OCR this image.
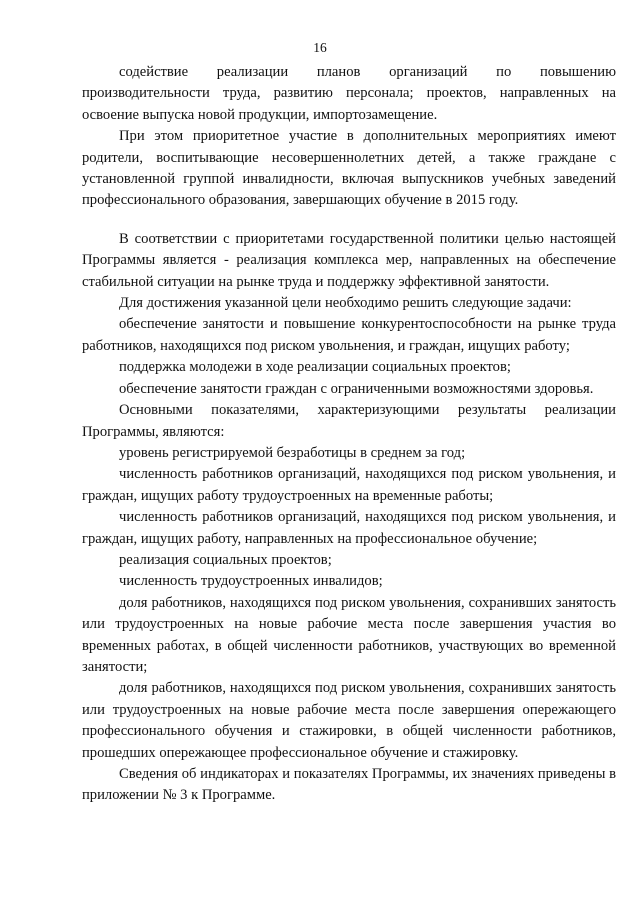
16

содействие реализации планов организаций по повышению производительности труда, развитию персонала; проектов, направленных на освоение выпуска новой продукции, импортозамещение.

При этом приоритетное участие в дополнительных мероприятиях имеют родители, воспитывающие несовершеннолетних детей, а также граждане с установленной группой инвалидности, включая выпускников учебных заведений профессионального образования, завершающих обучение в 2015 году.

В соответствии с приоритетами государственной политики целью настоящей Программы является - реализация комплекса мер, направленных на обеспечение стабильной ситуации на рынке труда и поддержку эффективной занятости.

Для достижения указанной цели необходимо решить следующие задачи:

обеспечение занятости и повышение конкурентоспособности на рынке труда работников, находящихся под риском увольнения, и граждан, ищущих работу;

поддержка молодежи в ходе реализации социальных проектов;

обеспечение занятости граждан с ограниченными возможностями здоровья.

Основными показателями, характеризующими результаты реализации Программы, являются:

уровень регистрируемой безработицы в среднем за год;

численность работников организаций, находящихся под риском увольнения, и граждан, ищущих работу трудоустроенных на временные работы;

численность работников организаций, находящихся под риском увольнения, и граждан, ищущих работу, направленных на профессиональное обучение;

реализация социальных проектов;

численность трудоустроенных инвалидов;

доля работников, находящихся под риском увольнения, сохранивших занятость или трудоустроенных на новые рабочие места после завершения участия во временных работах, в общей численности работников, участвующих во временной занятости;

доля работников, находящихся под риском увольнения, сохранивших занятость или трудоустроенных на новые рабочие места после завершения опережающего профессионального обучения и стажировки, в общей численности работников, прошедших опережающее профессиональное обучение и стажировку.

Сведения об индикаторах и показателях Программы, их значениях приведены в приложении № 3 к Программе.
